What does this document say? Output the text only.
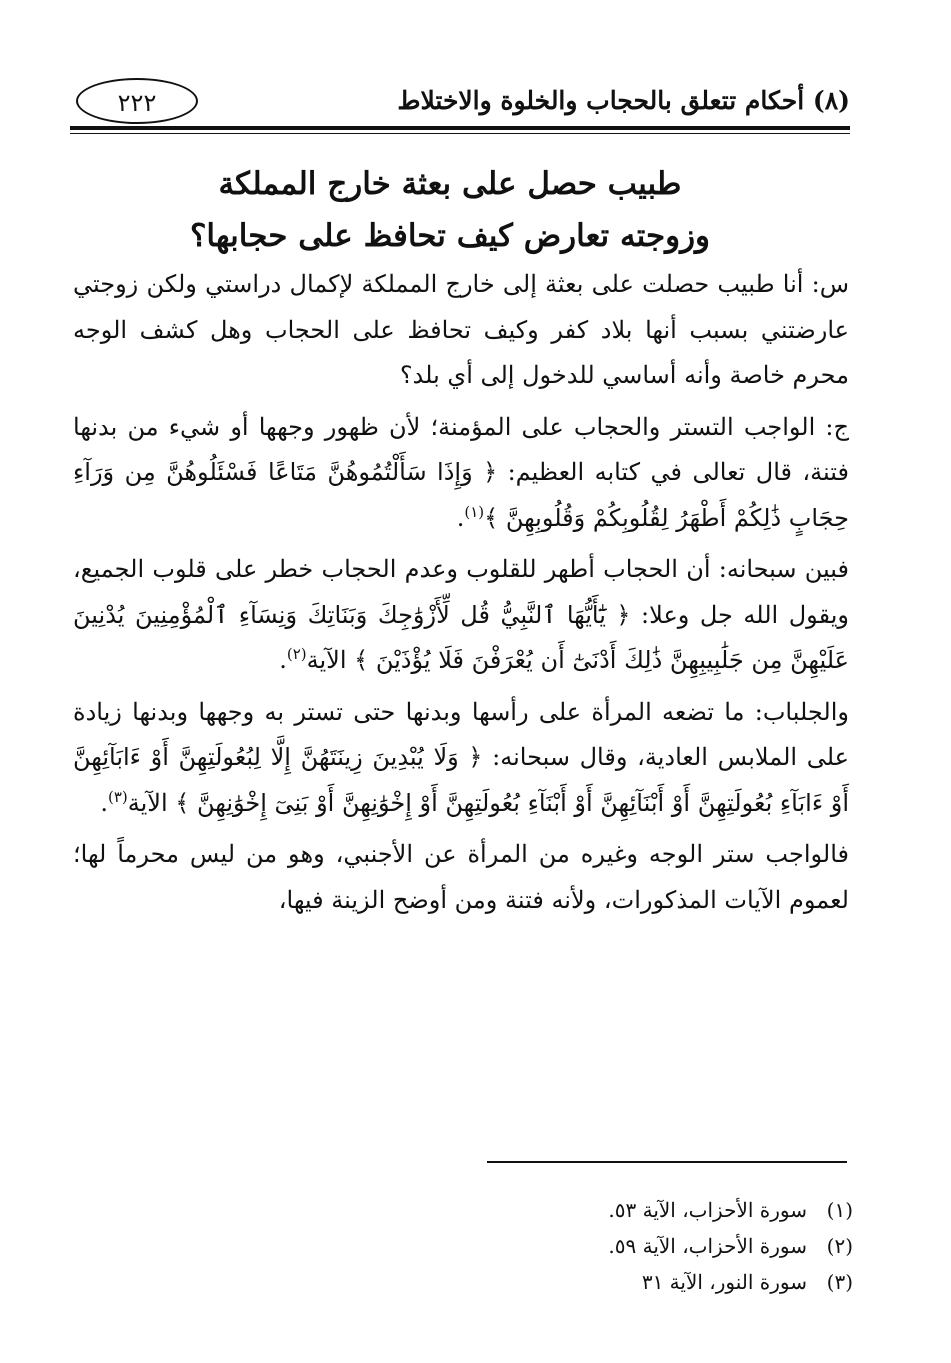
(٨) أحكام تتعلق بالحجاب والخلوة والاختلاط
٢٢٢
طبيب حصل على بعثة خارج المملكة
وزوجته تعارض كيف تحافظ على حجابها؟

س: أنا طبيب حصلت على بعثة إلى خارج المملكة لإكمال دراستي ولكن زوجتي عارضتني بسبب أنها بلاد كفر وكيف تحافظ على الحجاب وهل كشف الوجه محرم خاصة وأنه أساسي للدخول إلى أي بلد؟

ج: الواجب التستر والحجاب على المؤمنة؛ لأن ظهور وجهها أو شيء من بدنها فتنة، قال تعالى في كتابه العظيم: ﴿ وَإِذَا سَأَلْتُمُوهُنَّ مَتَاعًا فَسْئَلُوهُنَّ مِن وَرَآءِ حِجَابٍ ذَٰلِكُمْ أَطْهَرُ لِقُلُوبِكُمْ وَقُلُوبِهِنَّ ﴾$^{(١)}$.

فبين سبحانه: أن الحجاب أطهر للقلوب وعدم الحجاب خطر على قلوب الجميع، ويقول الله جل وعلا: ﴿ يَٰٓأَيُّهَا ٱلنَّبِيُّ قُل لِّأَزْوَٰجِكَ وَبَنَاتِكَ وَنِسَآءِ ٱلْمُؤْمِنِينَ يُدْنِينَ عَلَيْهِنَّ مِن جَلَٰبِيبِهِنَّ ذَٰلِكَ أَدْنَىٰٓ أَن يُعْرَفْنَ فَلَا يُؤْذَيْنَ ﴾ الآية$^{(٢)}$.

والجلباب: ما تضعه المرأة على رأسها وبدنها حتى تستر به وجهها وبدنها زيادة على الملابس العادية، وقال سبحانه: ﴿ وَلَا يُبْدِينَ زِينَتَهُنَّ إِلَّا لِبُعُولَتِهِنَّ أَوْ ءَابَآئِهِنَّ أَوْ ءَابَآءِ بُعُولَتِهِنَّ أَوْ أَبْنَآئِهِنَّ أَوْ أَبْنَآءِ بُعُولَتِهِنَّ أَوْ إِخْوَٰنِهِنَّ أَوْ بَنِىٓ إِخْوَٰنِهِنَّ ﴾ الآية$^{(٣)}$.

فالواجب ستر الوجه وغيره من المرأة عن الأجنبي، وهو من ليس محرماً لها؛ لعموم الآيات المذكورات، ولأنه فتنة ومن أوضح الزينة فيها،

(١)سورة الأحزاب، الآية ٥٣.
(٢)سورة الأحزاب، الآية ٥٩.
(٣)سورة النور، الآية ٣١
